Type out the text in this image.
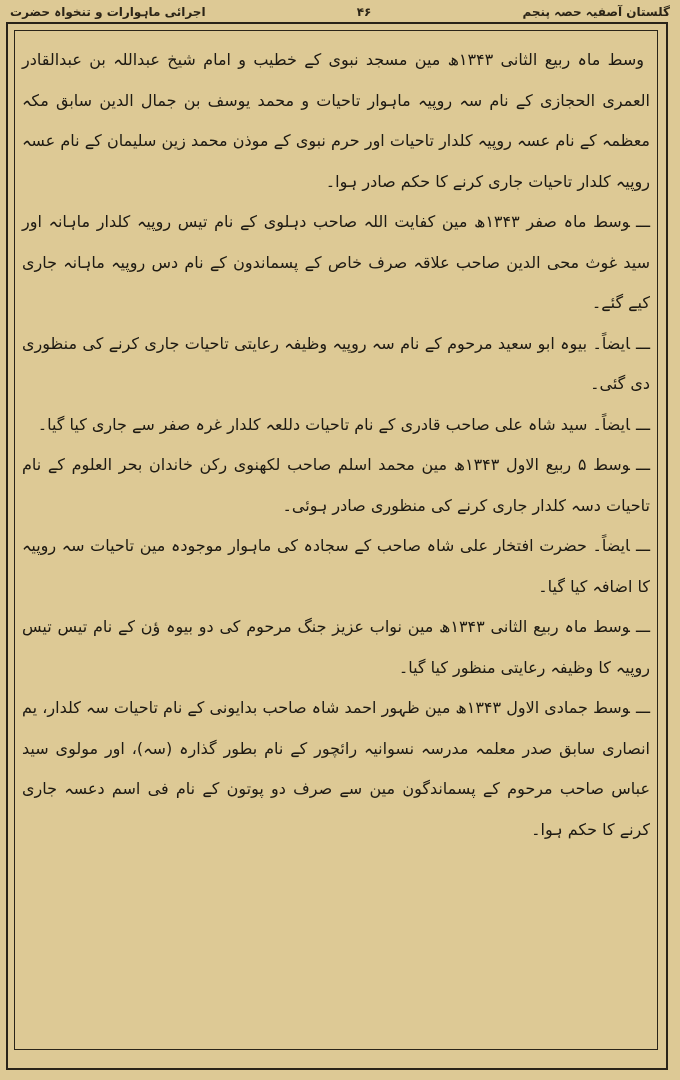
گلستان آصفیہ حصہ پنجم
۴۶
اجرائی ماہوارات و تنخواہ حضرت

وسط ماہ ربیع الثانی ۱۳۴۳ھ مین مسجد نبوی کے خطیب و امام شیخ عبداللہ بن عبدالقادر العمری الحجازی کے نام سہ روپیہ ماہوار تاحیات و محمد یوسف بن جمال الدین سابق مکہ معظمہ کے نام عسہ روپیہ کلدار تاحیات اور حرم نبوی کے موذن محمد زین سلیمان کے نام عسہ روپیہ کلدار تاحیات جاری کرنے کا حکم صادر ہوا۔

ـــوسط ماہ صفر ۱۳۴۳ھ مین کفایت اللہ صاحب دہلوی کے نام تیس روپیہ کلدار ماہانہ اور سید غوث محی الدین صاحب علاقہ صرف خاص کے پسماندون کے نام دس روپیہ ماہانہ جاری کیے گئے۔

ـــایضاً۔ بیوہ ابو سعید مرحوم کے نام سہ روپیہ وظیفہ رعایتی تاحیات جاری کرنے کی منظوری دی گئی۔

ـــایضاً۔ سید شاہ علی صاحب قادری کے نام تاحیات دللعہ کلدار غرہ صفر سے جاری کیا گیا۔

ـــوسط ۵ ربیع الاول ۱۳۴۳ھ مین محمد اسلم صاحب لکھنوی رکن خاندان بحر العلوم کے نام تاحیات دسہ کلدار جاری کرنے کی منظوری صادر ہوئی۔

ـــایضاً۔ حضرت افتخار علی شاہ صاحب کے سجادہ کی ماہوار موجودہ مین تاحیات سہ روپیہ کا اضافہ کیا گیا۔

ـــوسط ماہ ربیع الثانی ۱۳۴۳ھ مین نواب عزیز جنگ مرحوم کی دو بیوہ ؤن کے نام تیس تیس روپیہ کا وظیفہ رعایتی منظور کیا گیا۔

ـــوسط جمادی الاول ۱۳۴۳ھ مین ظہور احمد شاہ صاحب بدایونی کے نام تاحیات سہ کلدار، یم انصاری سابق صدر معلمہ مدرسہ نسوانیہ رائچور کے نام بطور گذارہ (سہ)، اور مولوی سید عباس صاحب مرحوم کے پسماندگون مین سے صرف دو پوتون کے نام فی اسم دعسہ جاری کرنے کا حکم ہوا۔
